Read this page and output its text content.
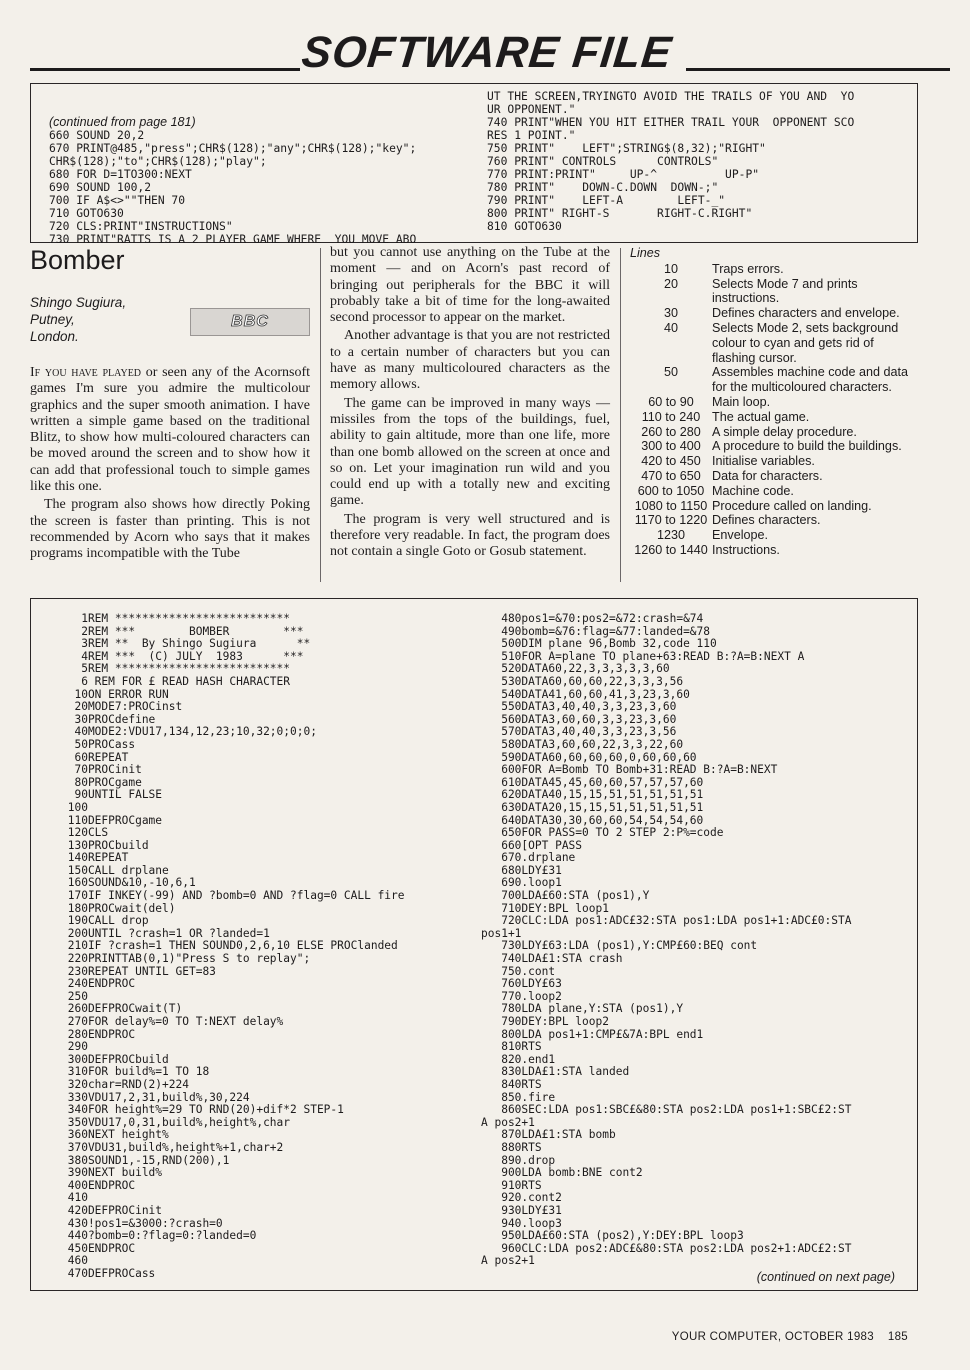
SOFTWARE FILE

(continued from page 181)
660 SOUND 20,2
670 PRINT@485,"press";CHR$(128);"any";CHR$(128);"key";
CHR$(128);"to";CHR$(128);"play";
680 FOR D=1TO300:NEXT
690 SOUND 100,2
700 IF A$<>""THEN 70
710 GOTO630
720 CLS:PRINT"INSTRUCTIONS"
730 PRINT"RATTS IS A 2 PLAYER GAME WHERE  YOU MOVE ABO

UT THE SCREEN,TRYINGTO AVOID THE TRAILS OF YOU AND  YO
UR OPPONENT."
740 PRINT"WHEN YOU HIT EITHER TRAIL YOUR  OPPONENT SCO
RES 1 POINT."
750 PRINT"    LEFT";STRING$(8,32);"RIGHT"
760 PRINT" CONTROLS      CONTROLS"
770 PRINT:PRINT"     UP-^          UP-P"
780 PRINT"    DOWN-C.DOWN  DOWN-;"
790 PRINT"    LEFT-A        LEFT-_"
800 PRINT" RIGHT-S       RIGHT-C.RIGHT"
810 GOTO630
Bomber
Shingo Sugiura,
Putney,
London.
BBC

If you have played or seen any of the Acornsoft games I'm sure you admire the multicolour graphics and the super smooth animation. I have written a simple game based on the traditional Blitz, to show how multi-coloured characters can be moved around the screen and to show how it can add that professional touch to simple games like this one.

The program also shows how directly Poking the screen is faster than printing. This is not recommended by Acorn who says that it makes programs incompatible with the Tube

but you cannot use anything on the Tube at the moment — and on Acorn's past record of bringing out peripherals for the BBC it will probably take a bit of time for the long-awaited second processor to appear on the market.

Another advantage is that you are not restricted to a certain number of characters but you can have as many multicoloured characters as the memory allows.

The game can be improved in many ways — missiles from the tops of the buildings, fuel, ability to gain altitude, more than one life, more than one bomb allowed on the screen at once and so on. Let your imagination run wild and you could end up with a totally new and exciting game.

The program is very well structured and is therefore very readable. In fact, the program does not contain a single Goto or Gosub statement.

Lines
10	Traps errors.
20	Selects Mode 7 and prints instructions.
30	Defines characters and envelope.
40	Selects Mode 2, sets background colour to cyan and gets rid of flashing cursor.
50	Assembles machine code and data for the multicoloured characters.
60 to 90	Main loop.
110 to 240 The actual game.
260 to 280 A simple delay procedure.
300 to 400 A procedure to build the buildings.
420 to 450 Initialise variables.
470 to 650 Data for characters.
600 to 1050 Machine code.
1080 to 1150 Procedure called on landing.
1170 to 1220 Defines characters.
1230	Envelope.
1260 to 1440 Instructions.
1REM **************************
2REM ***        BOMBER        ***
3REM **  By Shingo Sugiura      **
4REM ***  (C) JULY  1983      ***
5REM **************************
6 REM FOR £ READ HASH CHARACTER
10ON ERROR RUN
20MODE7:PROCinst
30PROCdefine
40MODE2:VDU17,134,12,23;10,32;0;0;0;
50PROCass
60REPEAT
70PROCinit
80PROCgame
90UNTIL FALSE
100
110DEFPROCgame
120CLS
130PROCbuild
140REPEAT
150CALL drplane
160SOUND&10,-10,6,1
170IF INKEY(-99) AND ?bomb=0 AND ?flag=0 CALL fire
180PROCwait(del)
190CALL drop
200UNTIL ?crash=1 OR ?landed=1
210IF ?crash=1 THEN SOUND0,2,6,10 ELSE PROClanded
220PRINTTAB(0,1)"Press S to replay";
230REPEAT UNTIL GET=83
240ENDPROC
250
260DEFPROCwait(T)
270FOR delay%=0 TO T:NEXT delay%
280ENDPROC
290
300DEFPROCbuild
310FOR build%=1 TO 18
320char=RND(2)+224
330VDU17,2,31,build%,30,224
340FOR height%=29 TO RND(20)+dif*2 STEP-1
350VDU17,0,31,build%,height%,char
360NEXT height%
370VDU31,build%,height%+1,char+2
380SOUND1,-15,RND(200),1
390NEXT build%
400ENDPROC
410
420DEFPROCinit
430!pos1=&3000:?crash=0
440?bomb=0:?flag=0:?landed=0
450ENDPROC
460
470DEFPROCass
480pos1=&70:pos2=&72:crash=&74
490bomb=&76:flag=&77:landed=&78
500DIM plane 96,Bomb 32,code 110
510FOR A=plane TO plane+63:READ B:?A=B:NEXT A
520DATA60,22,3,3,3,3,3,60
530DATA60,60,60,22,3,3,3,56
540DATA41,60,60,41,3,23,3,60
550DATA3,40,40,3,3,23,3,60
560DATA3,60,60,3,3,23,3,60
570DATA3,40,40,3,3,23,3,56
580DATA3,60,60,22,3,3,22,60
590DATA60,60,60,60,0,60,60,60
600FOR A=Bomb TO Bomb+31:READ B:?A=B:NEXT
610DATA45,45,60,60,57,57,57,60
620DATA40,15,15,51,51,51,51,51
630DATA20,15,15,51,51,51,51,51
640DATA30,30,60,60,54,54,54,60
650FOR PASS=0 TO 2 STEP 2:P%=code
660[OPT PASS
670.drplane
680LDY£31
690.loop1
700LDA£60:STA (pos1),Y
710DEY:BPL loop1
720CLC:LDA pos1:ADC£32:STA pos1:LDA pos1+1:ADC£0:STA
pos1+1
730LDY£63:LDA (pos1),Y:CMP£60:BEQ cont
740LDA£1:STA crash
750.cont
760LDY£63
770.loop2
780LDA plane,Y:STA (pos1),Y
790DEY:BPL loop2
800LDA pos1+1:CMP£&7A:BPL end1
810RTS
820.end1
830LDA£1:STA landed
840RTS
850.fire
860SEC:LDA pos1:SBC£&80:STA pos2:LDA pos1+1:SBC£2:ST
A pos2+1
870LDA£1:STA bomb
880RTS
890.drop
900LDA bomb:BNE cont2
910RTS
920.cont2
930LDY£31
940.loop3
950LDA£60:STA (pos2),Y:DEY:BPL loop3
960CLC:LDA pos2:ADC£&80:STA pos2:LDA pos2+1:ADC£2:ST
A pos2+1
(continued on next page)
YOUR COMPUTER, OCTOBER 1983 185
